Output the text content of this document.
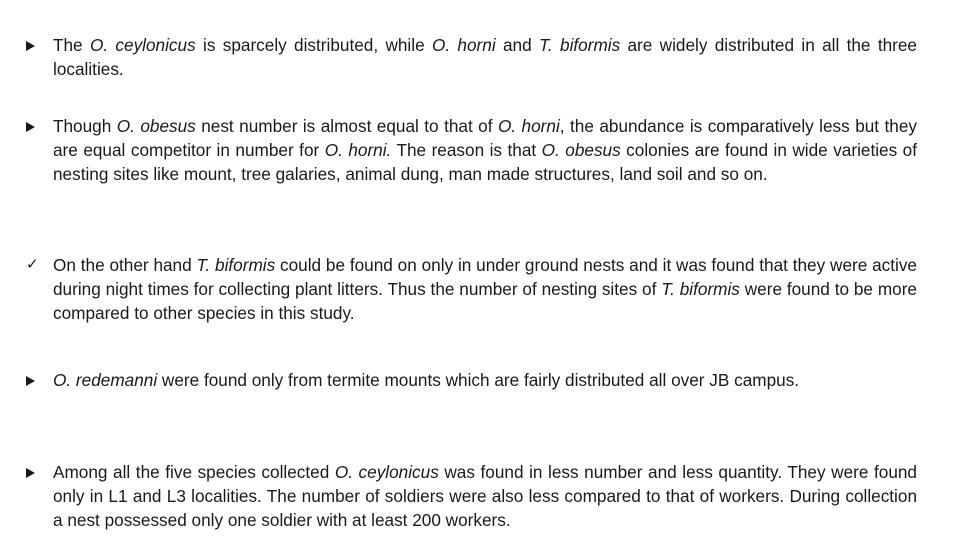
The O. ceylonicus is sparcely distributed, while O. horni and T. biformis are widely distributed in all the three localities.

Though O. obesus nest number is almost equal to that of O. horni, the abundance is comparatively less but they are equal competitor in number for O. horni. The reason is that O. obesus colonies are found in wide varieties of nesting sites like mount, tree galaries, animal dung, man made structures, land soil and so on.

✓ On the other hand T. biformis could be found on only in under ground nests and it was found that they were active during night times for collecting plant litters. Thus the number of nesting sites of T. biformis were found to be more compared to other species in this study.

O. redemanni were found only from termite mounts which are fairly distributed all over JB campus.

Among all the five species collected O. ceylonicus was found in less number and less quantity. They were found only in L1 and L3 localities. The number of soldiers were also less compared to that of workers. During collection a nest possessed only one soldier with at least 200 workers.
